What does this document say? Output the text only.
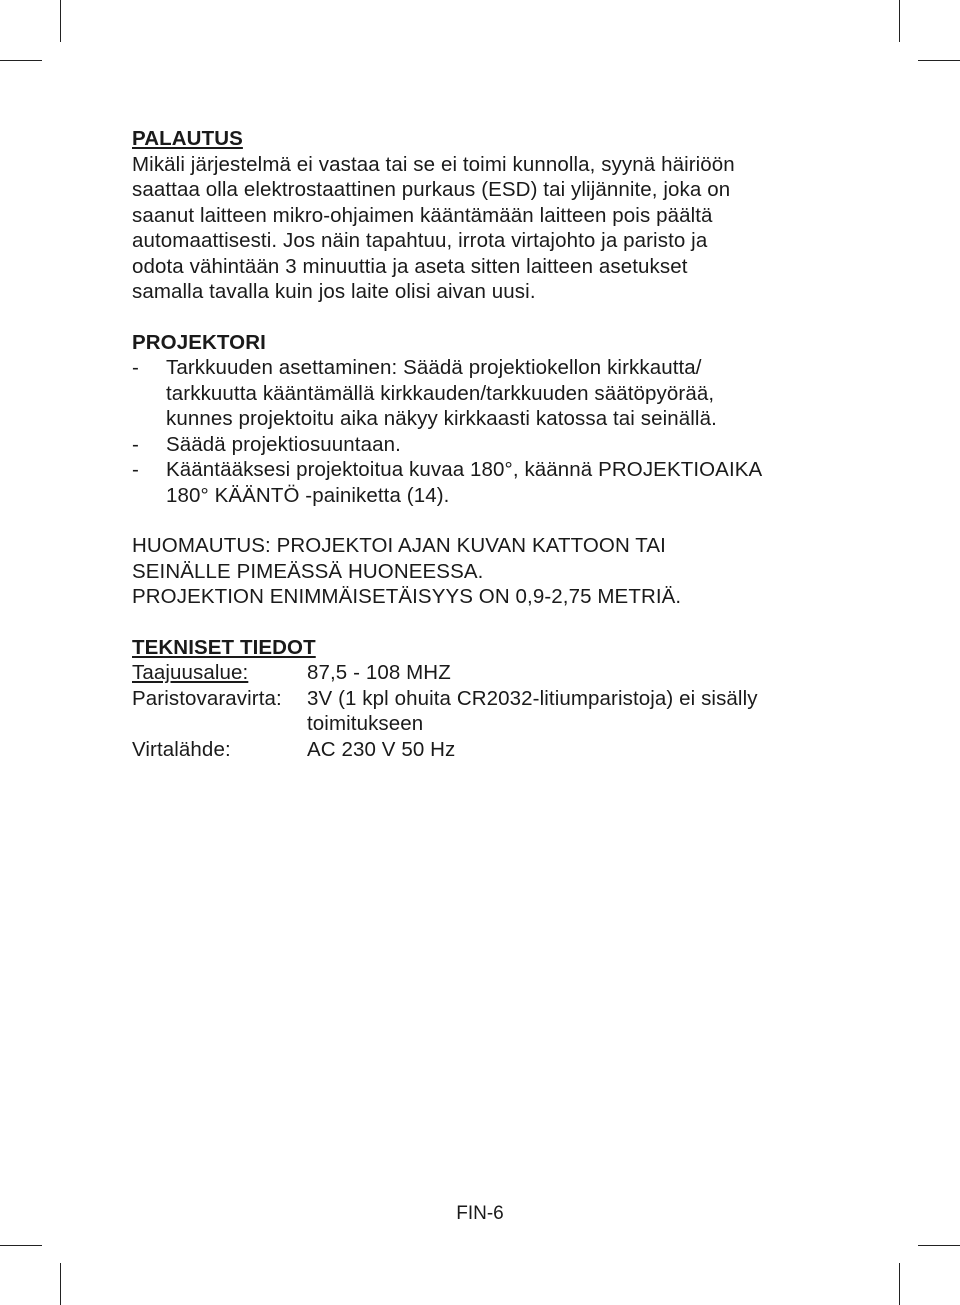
PALAUTUS

Mikäli järjestelmä ei vastaa tai se ei toimi kunnolla, syynä häiriöön

saattaa olla elektrostaattinen purkaus (ESD) tai ylijännite, joka on

saanut laitteen mikro-ohjaimen kääntämään laitteen pois päältä

automaattisesti. Jos näin tapahtuu, irrota virtajohto ja paristo ja

odota vähintään 3 minuuttia ja aseta sitten laitteen asetukset

samalla tavalla kuin jos laite olisi aivan uusi.

PROJEKTORI

-	Tarkkuuden asettaminen: Säädä projektiokellon kirkkautta/

tarkkuutta kääntämällä kirkkauden/tarkkuuden säätöpyörää,

kunnes projektoitu aika näkyy kirkkaasti katossa tai seinällä.

-	Säädä projektiosuuntaan.

-	Kääntääksesi projektoitua kuvaa 180°, käännä PROJEKTIOAIKA

180° KÄÄNTÖ -painiketta (14).

HUOMAUTUS: PROJEKTOI AJAN KUVAN KATTOON TAI

SEINÄLLE PIMEÄSSÄ HUONEESSA.

PROJEKTION ENIMMÄISETÄISYYS ON 0,9-2,75 METRIÄ.

TEKNISET TIEDOT

Taajuusalue:	87,5 - 108 MHZ

Paristovaravirta:	3V (1 kpl ohuita CR2032-litiumparistoja) ei sisälly

toimitukseen

Virtalähde:	AC 230 V 50 Hz

FIN-6
